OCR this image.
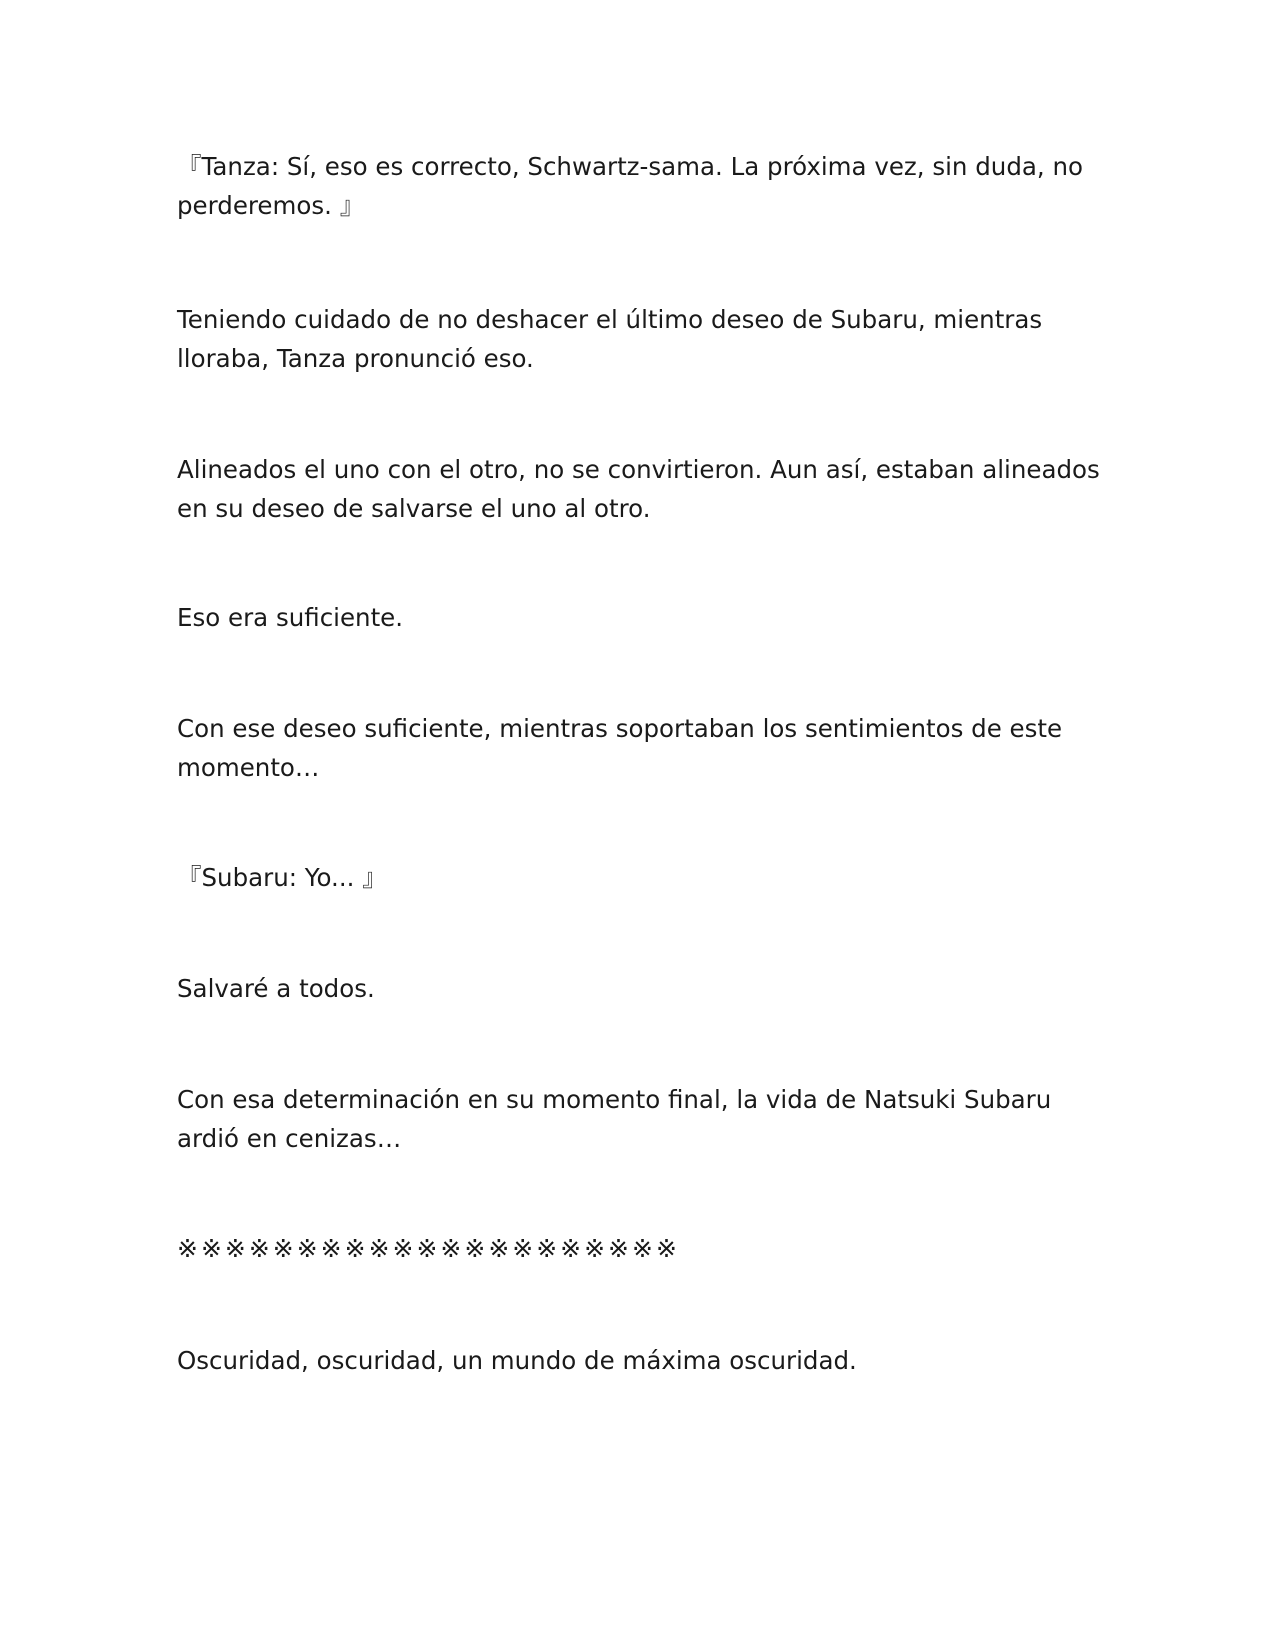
『Tanza: Sí, eso es correcto, Schwartz-sama. La próxima vez, sin duda, no perderemos. 』

Teniendo cuidado de no deshacer el último deseo de Subaru, mientras lloraba, Tanza pronunció eso.

Alineados el uno con el otro, no se convirtieron. Aun así, estaban alineados en su deseo de salvarse el uno al otro.

Eso era suficiente.

Con ese deseo suficiente, mientras soportaban los sentimientos de este momento…

『Subaru: Yo... 』

Salvaré a todos.

Con esa determinación en su momento final, la vida de Natsuki Subaru ardió en cenizas…

※※※※※※※※※※※※※※※※※※※※※

Oscuridad, oscuridad, un mundo de máxima oscuridad.
